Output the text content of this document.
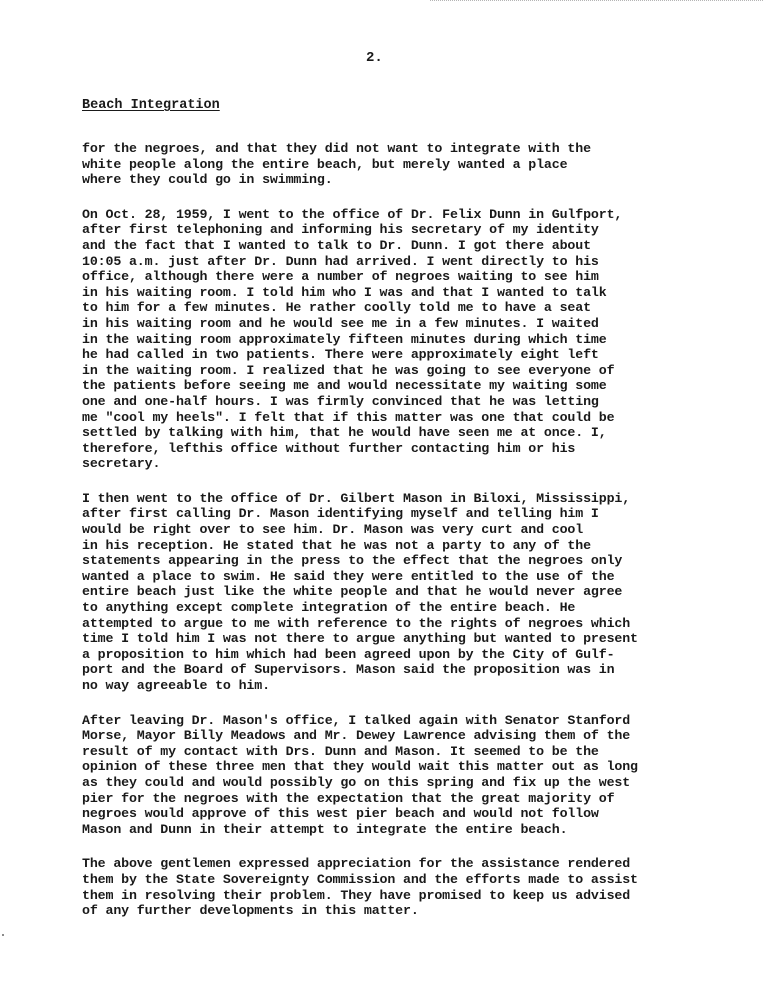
2.
Beach Integration

for the negroes, and that they did not want to integrate with the
white people along the entire beach, but merely wanted a place
where they could go in swimming.

On Oct. 28, 1959, I went to the office of Dr. Felix Dunn in Gulfport,
after first telephoning and informing his secretary of my identity
and the fact that I wanted to talk to Dr. Dunn. I got there about
10:05 a.m. just after Dr. Dunn had arrived. I went directly to his
office, although there were a number of negroes waiting to see him
in his waiting room. I told him who I was and that I wanted to talk
to him for a few minutes. He rather coolly told me to have a seat
in his waiting room and he would see me in a few minutes. I waited
in the waiting room approximately fifteen minutes during which time
he had called in two patients. There were approximately eight left
in the waiting room. I realized that he was going to see everyone of
the patients before seeing me and would necessitate my waiting some
one and one-half hours. I was firmly convinced that he was letting
me "cool my heels". I felt that if this matter was one that could be
settled by talking with him, that he would have seen me at once. I,
therefore, lefthis office without further contacting him or his
secretary.

I then went to the office of Dr. Gilbert Mason in Biloxi, Mississippi,
after first calling Dr. Mason identifying myself and telling him I
would be right over to see him. Dr. Mason was very curt and cool
in his reception. He stated that he was not a party to any of the
statements appearing in the press to the effect that the negroes only
wanted a place to swim. He said they were entitled to the use of the
entire beach just like the white people and that he would never agree
to anything except complete integration of the entire beach. He
attempted to argue to me with reference to the rights of negroes which
time I told him I was not there to argue anything but wanted to present
a proposition to him which had been agreed upon by the City of Gulf-
port and the Board of Supervisors. Mason said the proposition was in
no way agreeable to him.

After leaving Dr. Mason's office, I talked again with Senator Stanford
Morse, Mayor Billy Meadows and Mr. Dewey Lawrence advising them of the
result of my contact with Drs. Dunn and Mason. It seemed to be the
opinion of these three men that they would wait this matter out as long
as they could and would possibly go on this spring and fix up the west
pier for the negroes with the expectation that the great majority of
negroes would approve of this west pier beach and would not follow
Mason and Dunn in their attempt to integrate the entire beach.

The above gentlemen expressed appreciation for the assistance rendered
them by the State Sovereignty Commission and the efforts made to assist
them in resolving their problem. They have promised to keep us advised
of any further developments in this matter.
